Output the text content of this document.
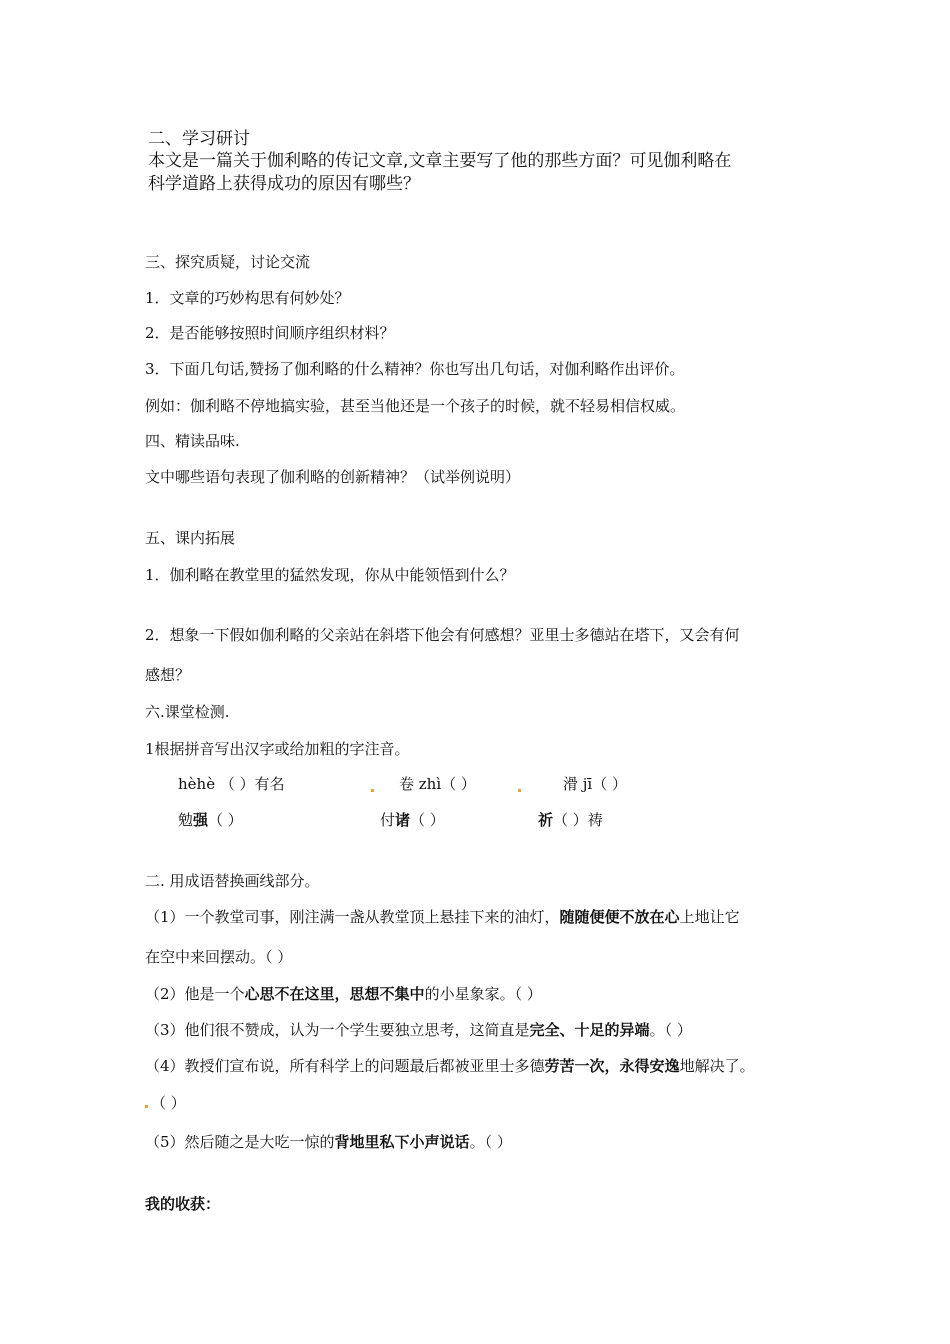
二、学习研讨
本文是一篇关于伽利略的传记文章,文章主要写了他的那些方面？可见伽利略在
科学道路上获得成功的原因有哪些？
三、探究质疑，讨论交流
1．文章的巧妙构思有何妙处？
2．是否能够按照时间顺序组织材料？
3．下面几句话,赞扬了伽利略的什么精神？你也写出几句话，对伽利略作出评价。
例如：伽利略不停地搞实验，甚至当他还是一个孩子的时候，就不轻易相信权威。
四、精读品味.
文中哪些语句表现了伽利略的创新精神？（试举例说明）
五、课内拓展
1．伽利略在教堂里的猛然发现，你从中能领悟到什么？
2．想象一下假如伽利略的父亲站在斜塔下他会有何感想？亚里士多德站在塔下，又会有何
感想？
六.课堂检测.
1根据拼音写出汉字或给加粗的字注音。
hèhè （ ）有名	卷 zhì（ ）	滑 jī（ ）
勉强（ ）	付诸（ ）	祈（ ）祷
二. 用成语替换画线部分。
（1）一个教堂司事，刚注满一盏从教堂顶上悬挂下来的油灯，随随便便不放在心上地让它
在空中来回摆动。（ ）
（2）他是一个心思不在这里，思想不集中的小星象家。（ ）
（3）他们很不赞成，认为一个学生要独立思考，这简直是完全、十足的异端。（ ）
（4）教授们宣布说，所有科学上的问题最后都被亚里士多德劳苦一次，永得安逸地解决了。
（ ）
（5）然后随之是大吃一惊的背地里私下小声说话。（ ）
我的收获：
